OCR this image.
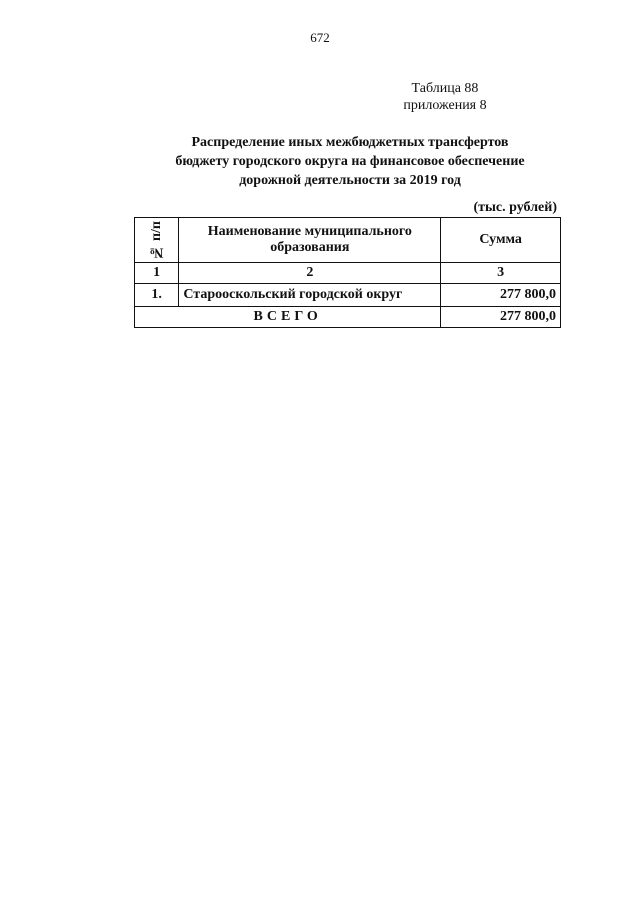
672
Таблица 88
приложения 8
Распределение иных межбюджетных трансфертов
бюджету городского округа на финансовое обеспечение
дорожной деятельности за 2019 год
(тыс. рублей)
№ п/п	Наименование муниципального образования	Сумма
1	2	3
1.	Старооскольский городской округ	277 800,0
ВСЕГО		277 800,0
